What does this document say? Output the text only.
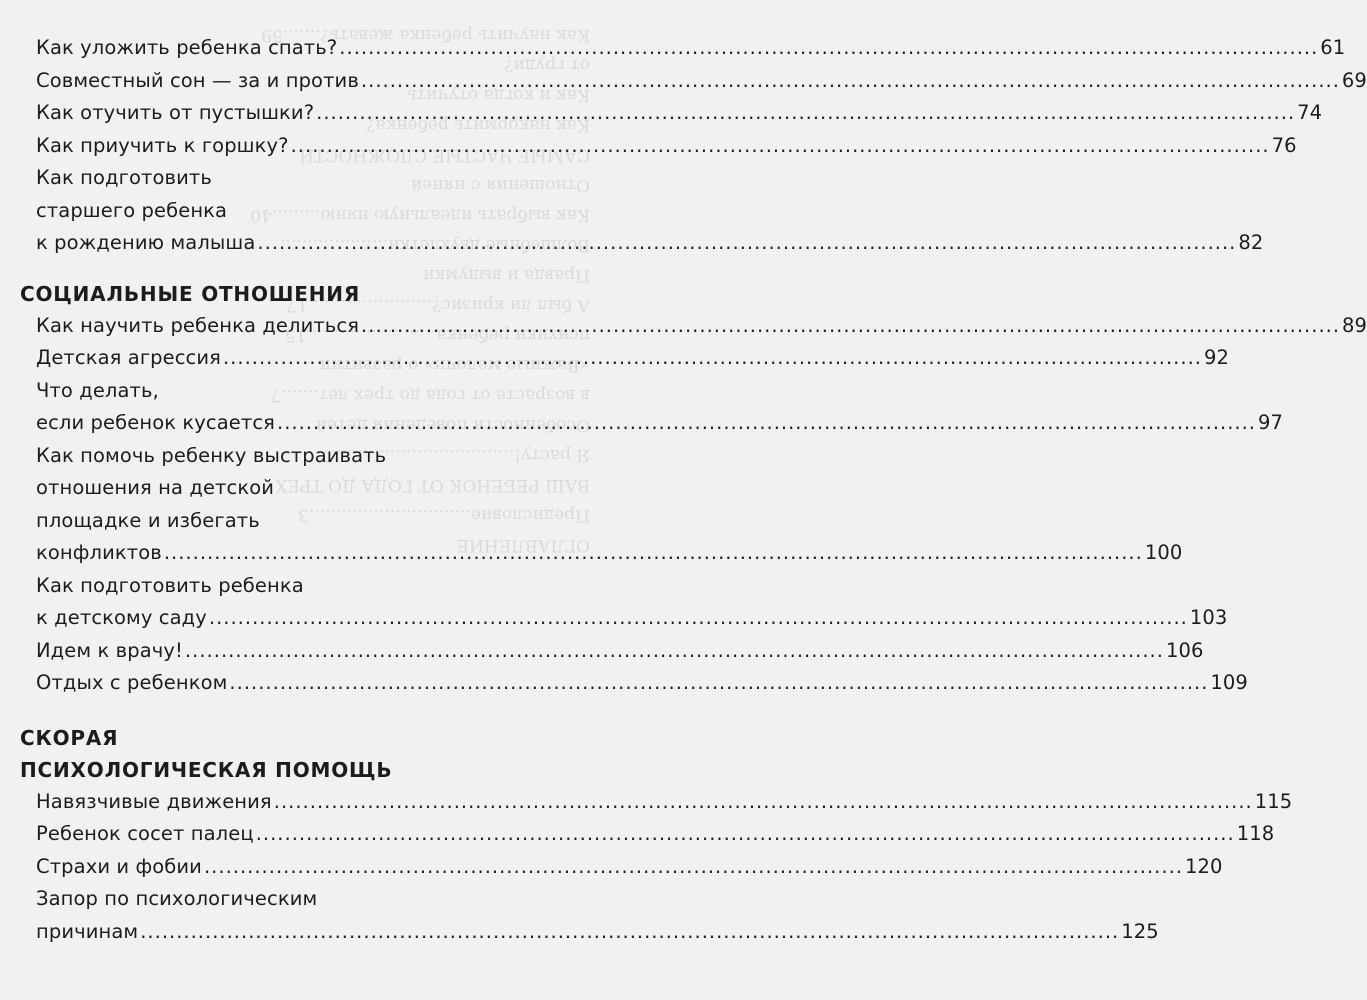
ОГЛАВЛЕНИЕ
Предисловие..............................3
ВАШ РЕБЕНОК ОТ ГОДА ДО ТРЕХ
Я расту!..................................7
Особенности поведения детей
в возрасте от года до трех лет.......7
«Важные мелочи» о развитии
психики ребенка........................15
А был ли кризис?.......................17
Правда и выдумки
Волшебные двухлетки....................
Как выбрать идеальную няню.........40
Отношения с няней
САМЫЕ ЧАСТЫЕ СЛОЖНОСТИ
Как накормить ребенка?
Как и когда отучить
от груди?
Как научить ребенка жевать?.......59
Как уложить ребенка спать? .....	61
Совместный сон — за и против .....	69
Как отучить от пустышки? .....	74
Как приучить к горшку? .....	76
Как подготовить
старшего ребенка
к рождению малыша .....	82
СОЦИАЛЬНЫЕ ОТНОШЕНИЯ
Как научить ребенка делиться .....	89
Детская агрессия .....	92
Что делать,
если ребенок кусается .....	97
Как помочь ребенку выстраивать
отношения на детской
площадке и избегать
конфликтов .....	100
Как подготовить ребенка
к детскому саду .....	103
Идем к врачу! .....	106
Отдых с ребенком .....	109
СКОРАЯ
ПСИХОЛОГИЧЕСКАЯ ПОМОЩЬ
Навязчивые движения .....	115
Ребенок сосет палец .....	118
Страхи и фобии .....	120
Запор по психологическим
причинам .....	125
